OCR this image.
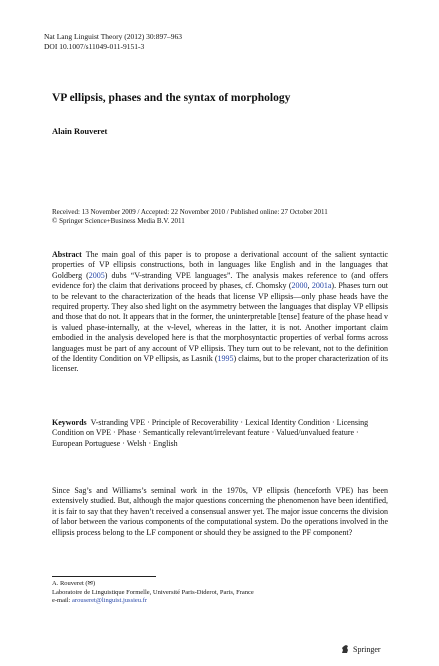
Nat Lang Linguist Theory (2012) 30:897–963
DOI 10.1007/s11049-011-9151-3
VP ellipsis, phases and the syntax of morphology
Alain Rouveret
Received: 13 November 2009 / Accepted: 22 November 2010 / Published online: 27 October 2011
© Springer Science+Business Media B.V. 2011
Abstract The main goal of this paper is to propose a derivational account of the salient syntactic properties of VP ellipsis constructions, both in languages like English and in the languages that Goldberg (2005) dubs “V-stranding VPE languages”. The analysis makes reference to (and offers evidence for) the claim that derivations proceed by phases, cf. Chomsky (2000, 2001a). Phases turn out to be relevant to the characterization of the heads that license VP ellipsis—only phase heads have the required property. They also shed light on the asymmetry between the languages that display VP ellipsis and those that do not. It appears that in the former, the uninterpretable [tense] feature of the phase head v is valued phase-internally, at the v-level, whereas in the latter, it is not. Another important claim embodied in the analysis developed here is that the morphosyntactic properties of verbal forms across languages must be part of any account of VP ellipsis. They turn out to be relevant, not to the definition of the Identity Condition on VP ellipsis, as Lasnik (1995) claims, but to the proper characterization of its licenser.
Keywords V-stranding VPE · Principle of Recoverability · Lexical Identity Condition · Licensing Condition on VPE · Phase · Semantically relevant/irrelevant feature · Valued/unvalued feature · European Portuguese · Welsh · English
Since Sag’s and Williams’s seminal work in the 1970s, VP ellipsis (henceforth VPE) has been extensively studied. But, although the major questions concerning the phenomenon have been identified, it is fair to say that they haven’t received a consensual answer yet. The major issue concerns the division of labor between the various components of the computational system. Do the operations involved in the ellipsis process belong to the LF component or should they be assigned to the PF component?
A. Rouveret (✉)
Laboratoire de Linguistique Formelle, Université Paris-Diderot, Paris, France
e-mail: arouseret@linguist.jussieu.fr
Springer
